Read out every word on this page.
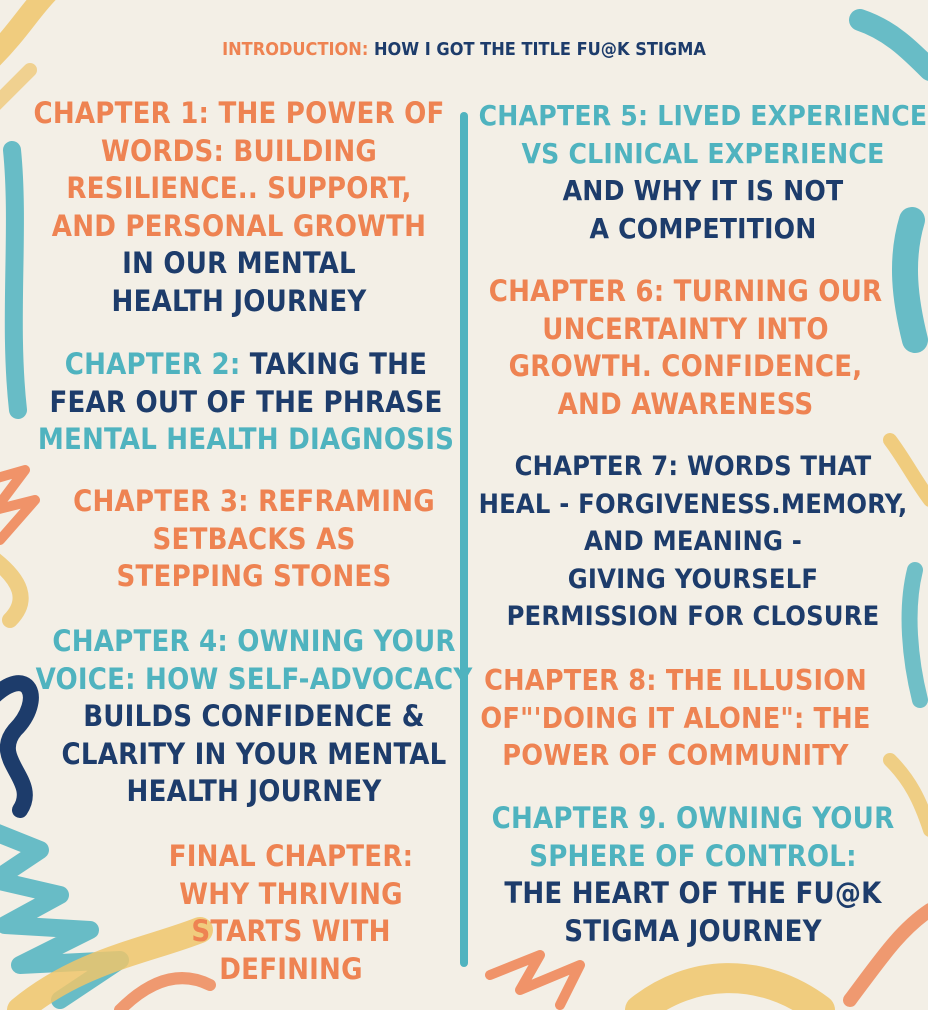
INTRODUCTION: HOW I GOT THE TITLE FU@K STIGMA

CHAPTER 1: THE POWER OF
WORDS: BUILDING
RESILIENCE.. SUPPORT,
AND PERSONAL GROWTH
IN OUR MENTAL
HEALTH JOURNEY
CHAPTER 2: TAKING THE
FEAR OUT OF THE PHRASE
MENTAL HEALTH DIAGNOSIS
CHAPTER 3: REFRAMING
SETBACKS AS
STEPPING STONES
CHAPTER 4: OWNING YOUR
VOICE: HOW SELF-ADVOCACY
BUILDS CONFIDENCE &
CLARITY IN YOUR MENTAL
HEALTH JOURNEY
FINAL CHAPTER:
WHY THRIVING
STARTS WITH
DEFINING
CHAPTER 5: LIVED EXPERIENCE
VS CLINICAL EXPERIENCE
AND WHY IT IS NOT
A COMPETITION
CHAPTER 6: TURNING OUR
UNCERTAINTY INTO
GROWTH. CONFIDENCE,
AND AWARENESS
CHAPTER 7: WORDS THAT
HEAL - FORGIVENESS.MEMORY,
AND MEANING -
GIVING YOURSELF
PERMISSION FOR CLOSURE
CHAPTER 8: THE ILLUSION
OF"'DOING IT ALONE": THE
POWER OF COMMUNITY
CHAPTER 9. OWNING YOUR
SPHERE OF CONTROL:
THE HEART OF THE FU@K
STIGMA JOURNEY
